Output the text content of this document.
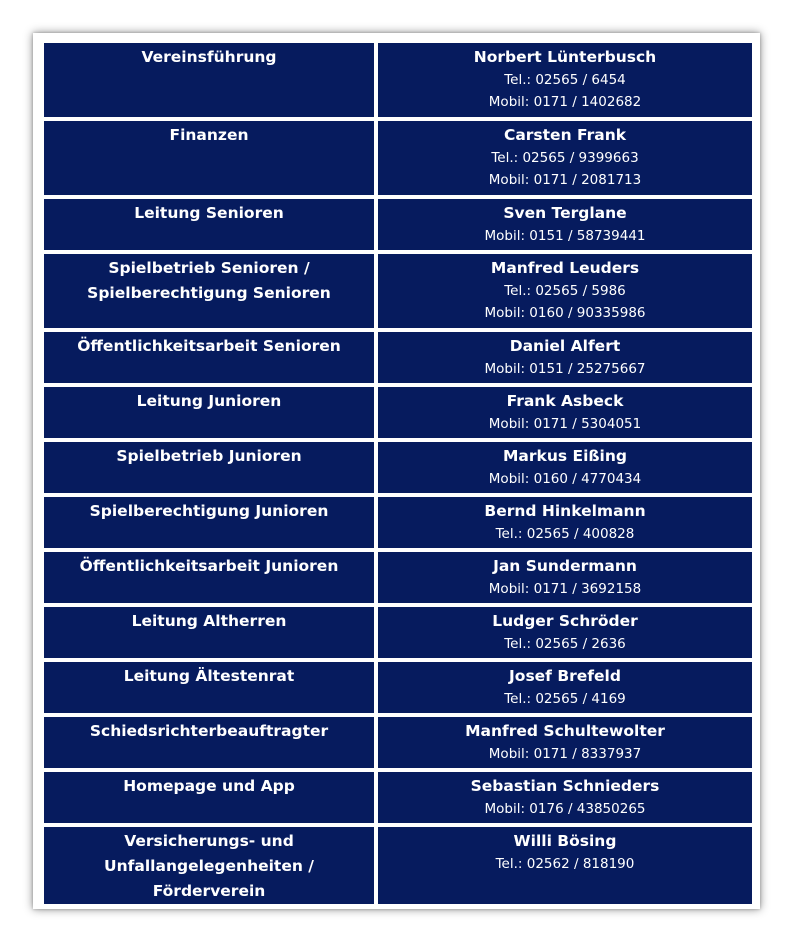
Vereinsführung	Norbert Lünterbusch
Tel.: 02565 / 6454
Mobil: 0171 / 1402682

Finanzen	Carsten Frank
Tel.: 02565 / 9399663
Mobil: 0171 / 2081713

Leitung Senioren	Sven Terglane
Mobil: 0151 / 58739441

Spielbetrieb Senioren / Spielberechtigung Senioren	Manfred Leuders
Tel.: 02565 / 5986
Mobil: 0160 / 90335986

Öffentlichkeitsarbeit Senioren	Daniel Alfert
Mobil: 0151 / 25275667

Leitung Junioren	Frank Asbeck
Mobil: 0171 / 5304051

Spielbetrieb Junioren	Markus Eißing
Mobil: 0160 / 4770434

Spielberechtigung Junioren	Bernd Hinkelmann
Tel.: 02565 / 400828

Öffentlichkeitsarbeit Junioren	Jan Sundermann
Mobil: 0171 / 3692158

Leitung Altherren	Ludger Schröder
Tel.: 02565 / 2636

Leitung Ältestenrat	Josef Brefeld
Tel.: 02565 / 4169

Schiedsrichterbeauftragter	Manfred Schultewolter
Mobil: 0171 / 8337937

Homepage und App	Sebastian Schnieders
Mobil: 0176 / 43850265

Versicherungs- und Unfallangelegenheiten / Förderverein	Willi Bösing
Tel.: 02562 / 818190
